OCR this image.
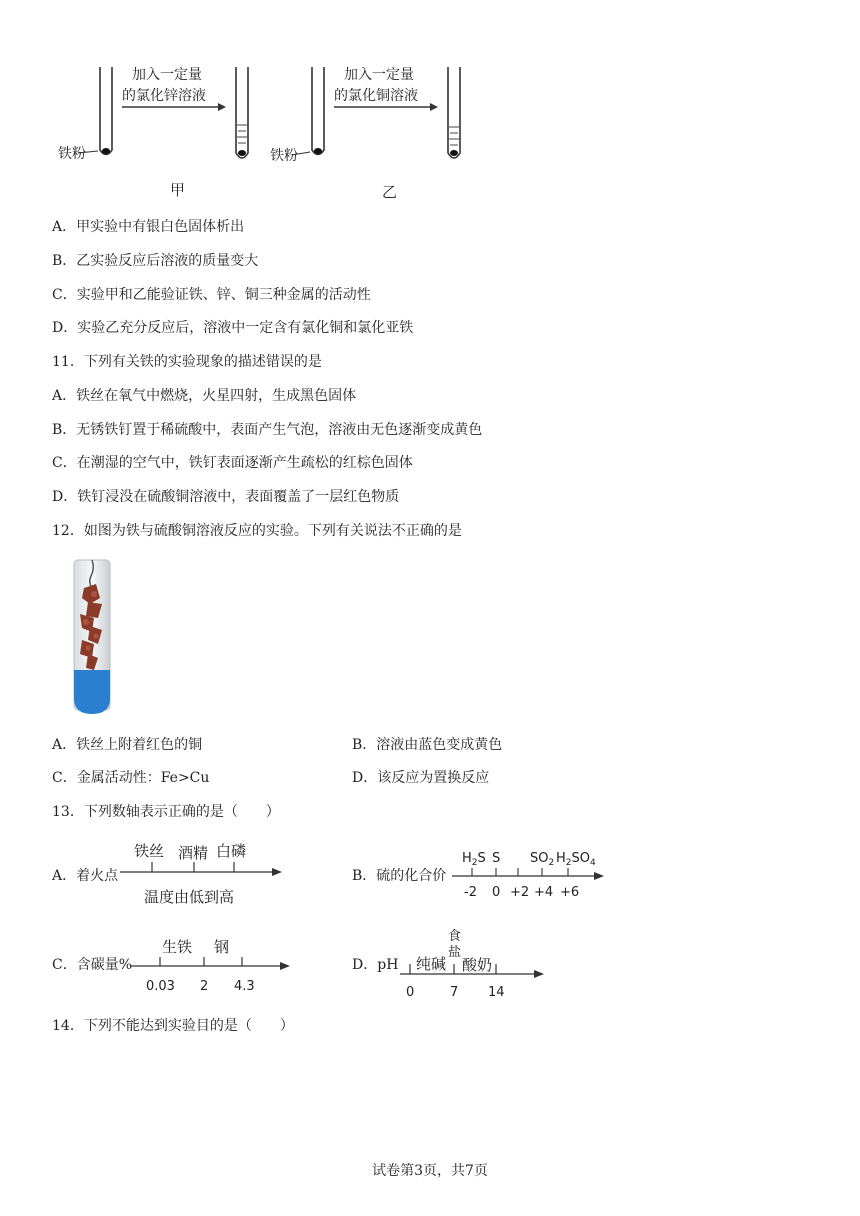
铁粉
加入一定量
的氯化锌溶液
甲
铁粉
加入一定量
的氯化铜溶液
乙
A．甲实验中有银白色固体析出
B．乙实验反应后溶液的质量变大
C．实验甲和乙能验证铁、锌、铜三种金属的活动性
D．实验乙充分反应后，溶液中一定含有氯化铜和氯化亚铁
11．下列有关铁的实验现象的描述错误的是
A．铁丝在氧气中燃烧，火星四射，生成黑色固体
B．无锈铁钉置于稀硫酸中，表面产生气泡，溶液由无色逐渐变成黄色
C．在潮湿的空气中，铁钉表面逐渐产生疏松的红棕色固体
D．铁钉浸没在硫酸铜溶液中，表面覆盖了一层红色物质
12．如图为铁与硫酸铜溶液反应的实验。下列有关说法不正确的是
A．铁丝上附着红色的铜	B．溶液由蓝色变成黄色
C．金属活动性：Fe>Cu	D．该反应为置换反应
13．下列数轴表示正确的是（　　）
A．着火点
铁丝 酒精 白磷
温度由低到高
B．硫的化合价
$H_2S$ S $SO_2$ $H_2SO_4$
-2 0 +2 +4 +6
C．含碳量%
生铁 钢
0.03 2 4.3
D．pH
食
盐
纯碱 酸奶
0	7 14
14．下列不能达到实验目的是（　　）
试卷第3页，共7页
